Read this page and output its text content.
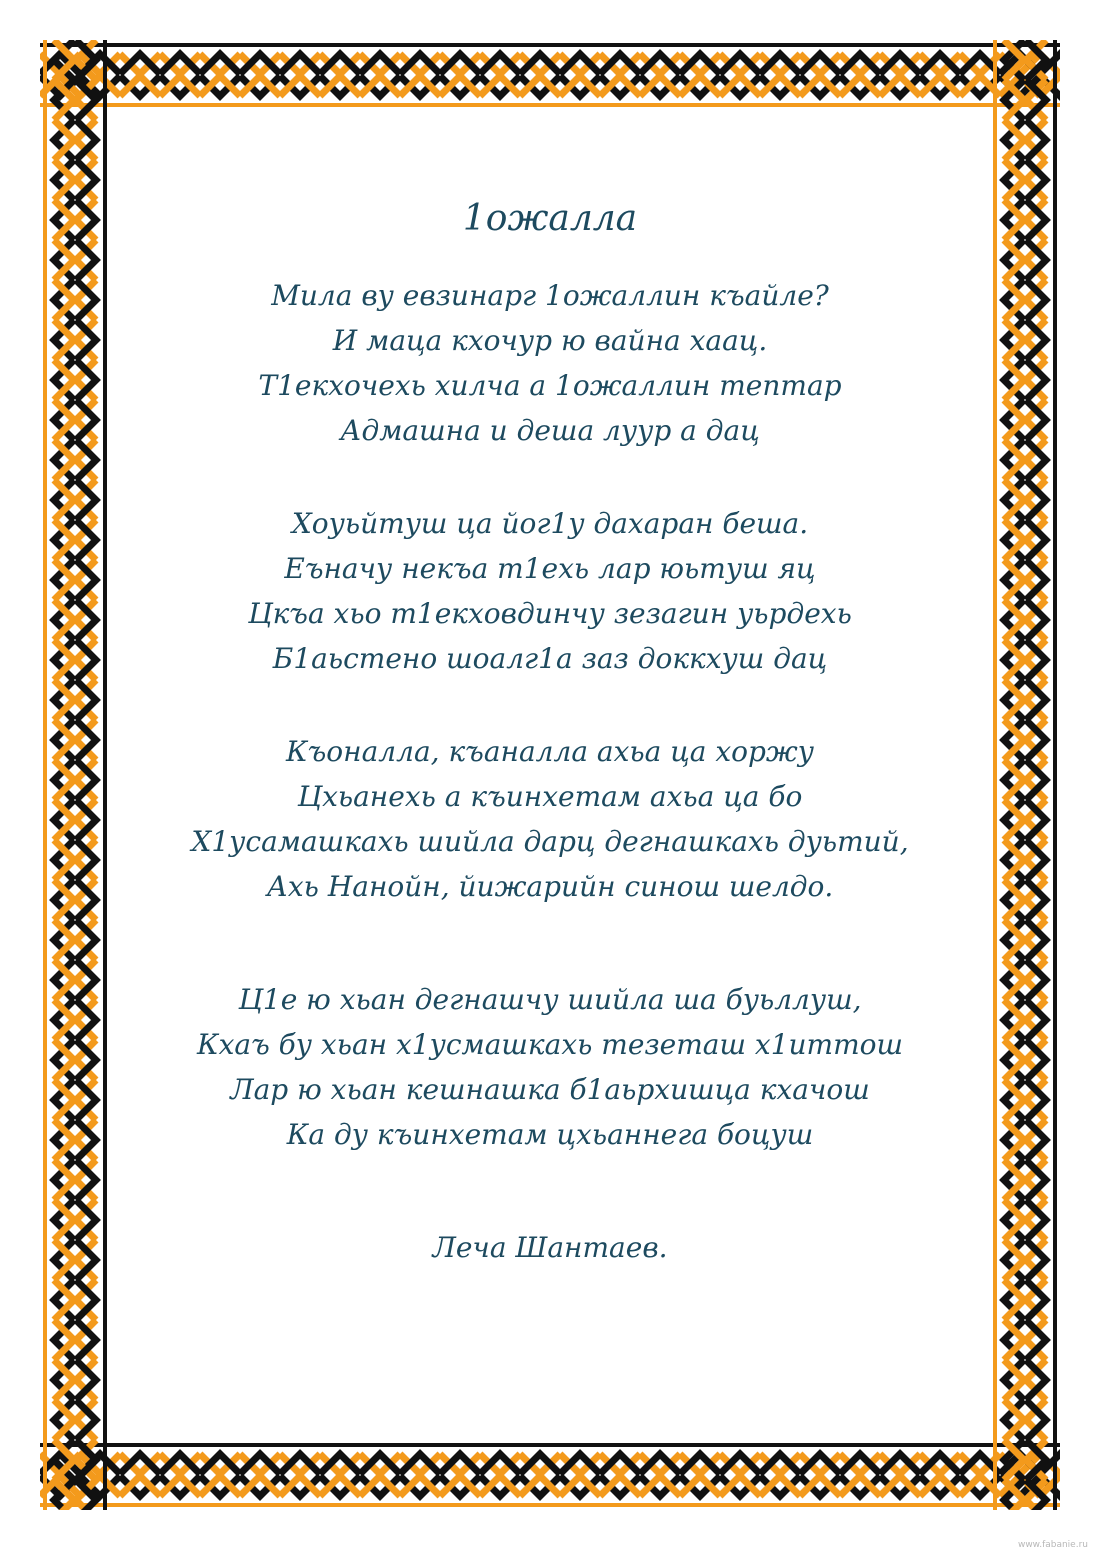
1ожалла
Мила ву евзинарг 1ожаллин къайле?
И маца кхочур ю вайна хаац.
Т1екхочехь хилча а 1ожаллин тептар
Адмашна и деша луур а дац
Хоуьйтуш ца йог1у дахаран беша.
Еъначу некъа т1ехь лар юьтуш яц
Цкъа хьо т1екховдинчу зезагин уьрдехь
Б1аьстено шоалг1а заз доккхуш дац
Къоналла, къаналла ахьа ца хоржу
Цхьанехь а къинхетам ахьа ца бо
Х1усамашкахь шийла дарц дегнашкахь дуьтий,
Ахь Нанойн, йижарийн синош шелдо.
Ц1е ю хьан дегнашчу шийла ша буьллуш,
Кхаъ бу хьан х1усмашкахь тезеташ х1иттош
Лар ю хьан кешнашка б1аьрхишца кхачош
Ка ду къинхетам цхьаннега боцуш
Леча Шантаев.
www.fabanie.ru
